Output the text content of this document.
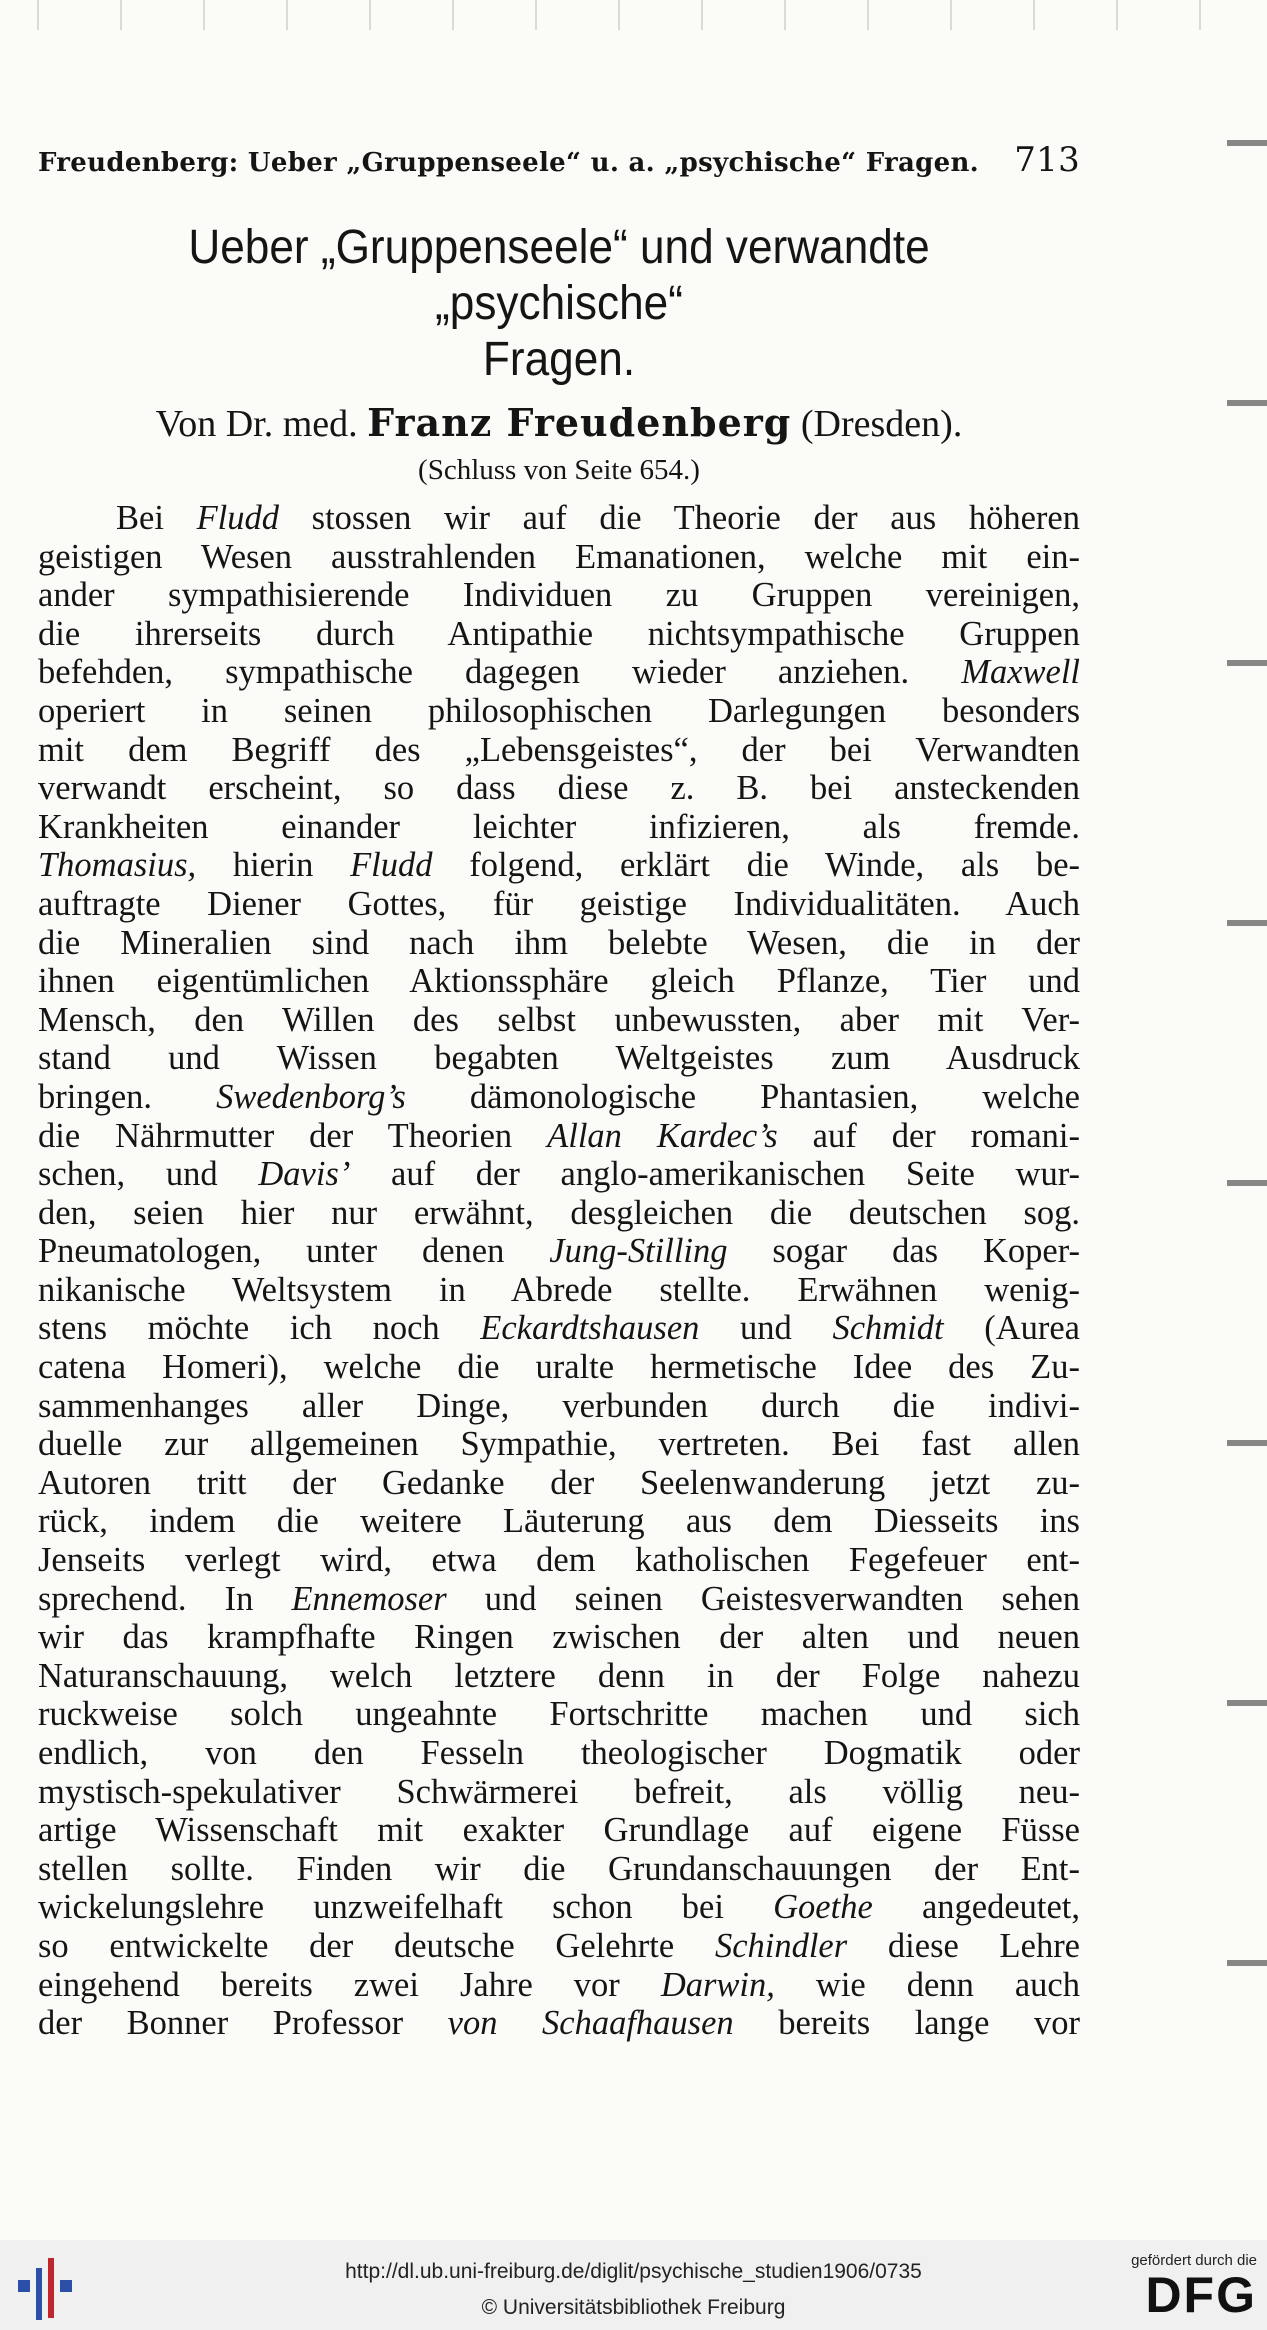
Freudenberg: Ueber „Gruppenseele“ u. a. „psychische“ Fragen. 713
Ueber „Gruppenseele“ und verwandte „psychische“
Fragen.
Von Dr. med. Franz Freudenberg (Dresden).
(Schluss von Seite 654.)
Bei Fludd stossen wir auf die Theorie der aus höheren
geistigen Wesen ausstrahlenden Emanationen, welche mit ein-
ander sympathisierende Individuen zu Gruppen vereinigen,
die ihrerseits durch Antipathie nichtsympathische Gruppen
befehden, sympathische dagegen wieder anziehen. Maxwell
operiert in seinen philosophischen Darlegungen besonders
mit dem Begriff des „Lebensgeistes“, der bei Verwandten
verwandt erscheint, so dass diese z. B. bei ansteckenden
Krankheiten einander leichter infizieren, als fremde.
Thomasius, hierin Fludd folgend, erklärt die Winde, als be-
auftragte Diener Gottes, für geistige Individualitäten. Auch
die Mineralien sind nach ihm belebte Wesen, die in der
ihnen eigentümlichen Aktionssphäre gleich Pflanze, Tier und
Mensch, den Willen des selbst unbewussten, aber mit Ver-
stand und Wissen begabten Weltgeistes zum Ausdruck
bringen. Swedenborg’s dämonologische Phantasien, welche
die Nährmutter der Theorien Allan Kardec’s auf der romani-
schen, und Davis’ auf der anglo-amerikanischen Seite wur-
den, seien hier nur erwähnt, desgleichen die deutschen sog.
Pneumatologen, unter denen Jung-Stilling sogar das Koper-
nikanische Weltsystem in Abrede stellte. Erwähnen wenig-
stens möchte ich noch Eckardtshausen und Schmidt (Aurea
catena Homeri), welche die uralte hermetische Idee des Zu-
sammenhanges aller Dinge, verbunden durch die indivi-
duelle zur allgemeinen Sympathie, vertreten. Bei fast allen
Autoren tritt der Gedanke der Seelenwanderung jetzt zu-
rück, indem die weitere Läuterung aus dem Diesseits ins
Jenseits verlegt wird, etwa dem katholischen Fegefeuer ent-
sprechend. In Ennemoser und seinen Geistesverwandten sehen
wir das krampfhafte Ringen zwischen der alten und neuen
Naturanschauung, welch letztere denn in der Folge nahezu
ruckweise solch ungeahnte Fortschritte machen und sich
endlich, von den Fesseln theologischer Dogmatik oder
mystisch-spekulativer Schwärmerei befreit, als völlig neu-
artige Wissenschaft mit exakter Grundlage auf eigene Füsse
stellen sollte. Finden wir die Grundanschauungen der Ent-
wickelungslehre unzweifelhaft schon bei Goethe angedeutet,
so entwickelte der deutsche Gelehrte Schindler diese Lehre
eingehend bereits zwei Jahre vor Darwin, wie denn auch
der Bonner Professor von Schaafhausen bereits lange vor
http://dl.ub.uni-freiburg.de/diglit/psychische_studien1906/0735
© Universitätsbibliothek Freiburg
gefördert durch die
DFG
